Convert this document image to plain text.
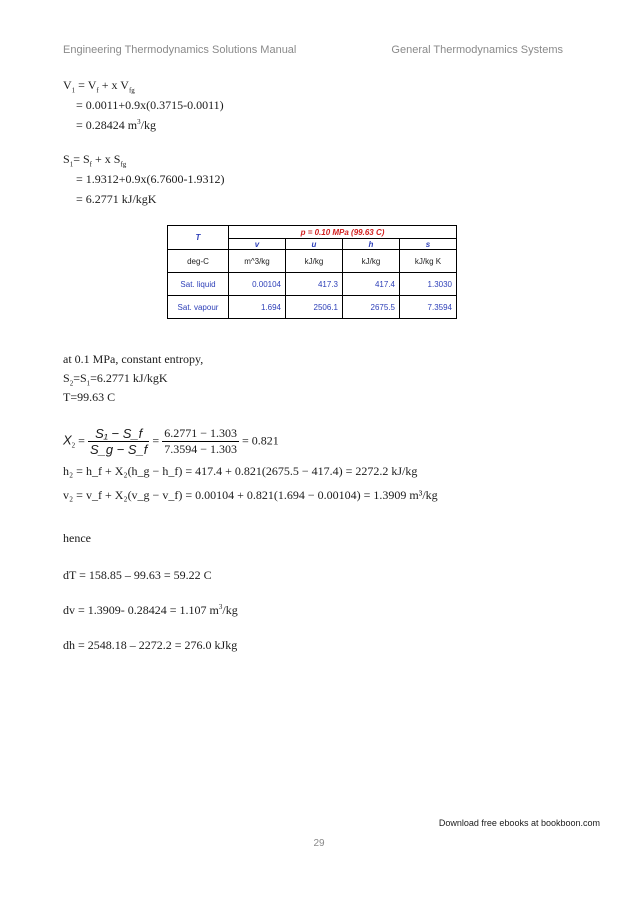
Engineering Thermodynamics Solutions Manual	General Thermodynamics Systems
$V_1 = V_f + x$ $V_{fg}$
= 0.0011+0.9x(0.3715-0.0011)
= 0.28424 $m^3/kg$
$S_1= S_f + x$ $S_{fg}$
= 1.9312+0.9x(6.7600-1.9312)
= 6.2771 kJ/kgK
T	p = 0.10 MPa (99.63 C)			
	v	u	h	s
deg-C	m^3/kg	kJ/kg	kJ/kg	kJ/kg K
Sat. liquid	0.00104	417.3	417.4	1.3030
Sat. vapour	1.694	2506.1	2675.5	7.3594
at 0.1 MPa, constant entropy,
$S_2=S_1=6.2771$ kJ/kgK
T=99.63 C
$X_2 = \frac{\text{S₁ − S\_f}}{S\_g - S\_f} = \frac{6.2771 - 1.303}{7.3594 - 1.303} = 0.821$
h₂ = h_f + X₂(h_g − h_f) = 417.4 + 0.821(2675.5 − 417.4) = 2272.2 kJ/kg
v₂ = v_f + X₂(v_g − v_f) = 0.00104 + 0.821(1.694 − 0.00104) = 1.3909 m³/kg
hence
dT = 158.85 – 99.63 = 59.22 C
dv = 1.3909- 0.28424 = 1.107 $m^3/kg$
dh = 2548.18 – 2272.2 = 276.0 kJkg
Download free ebooks at bookboon.com
29
